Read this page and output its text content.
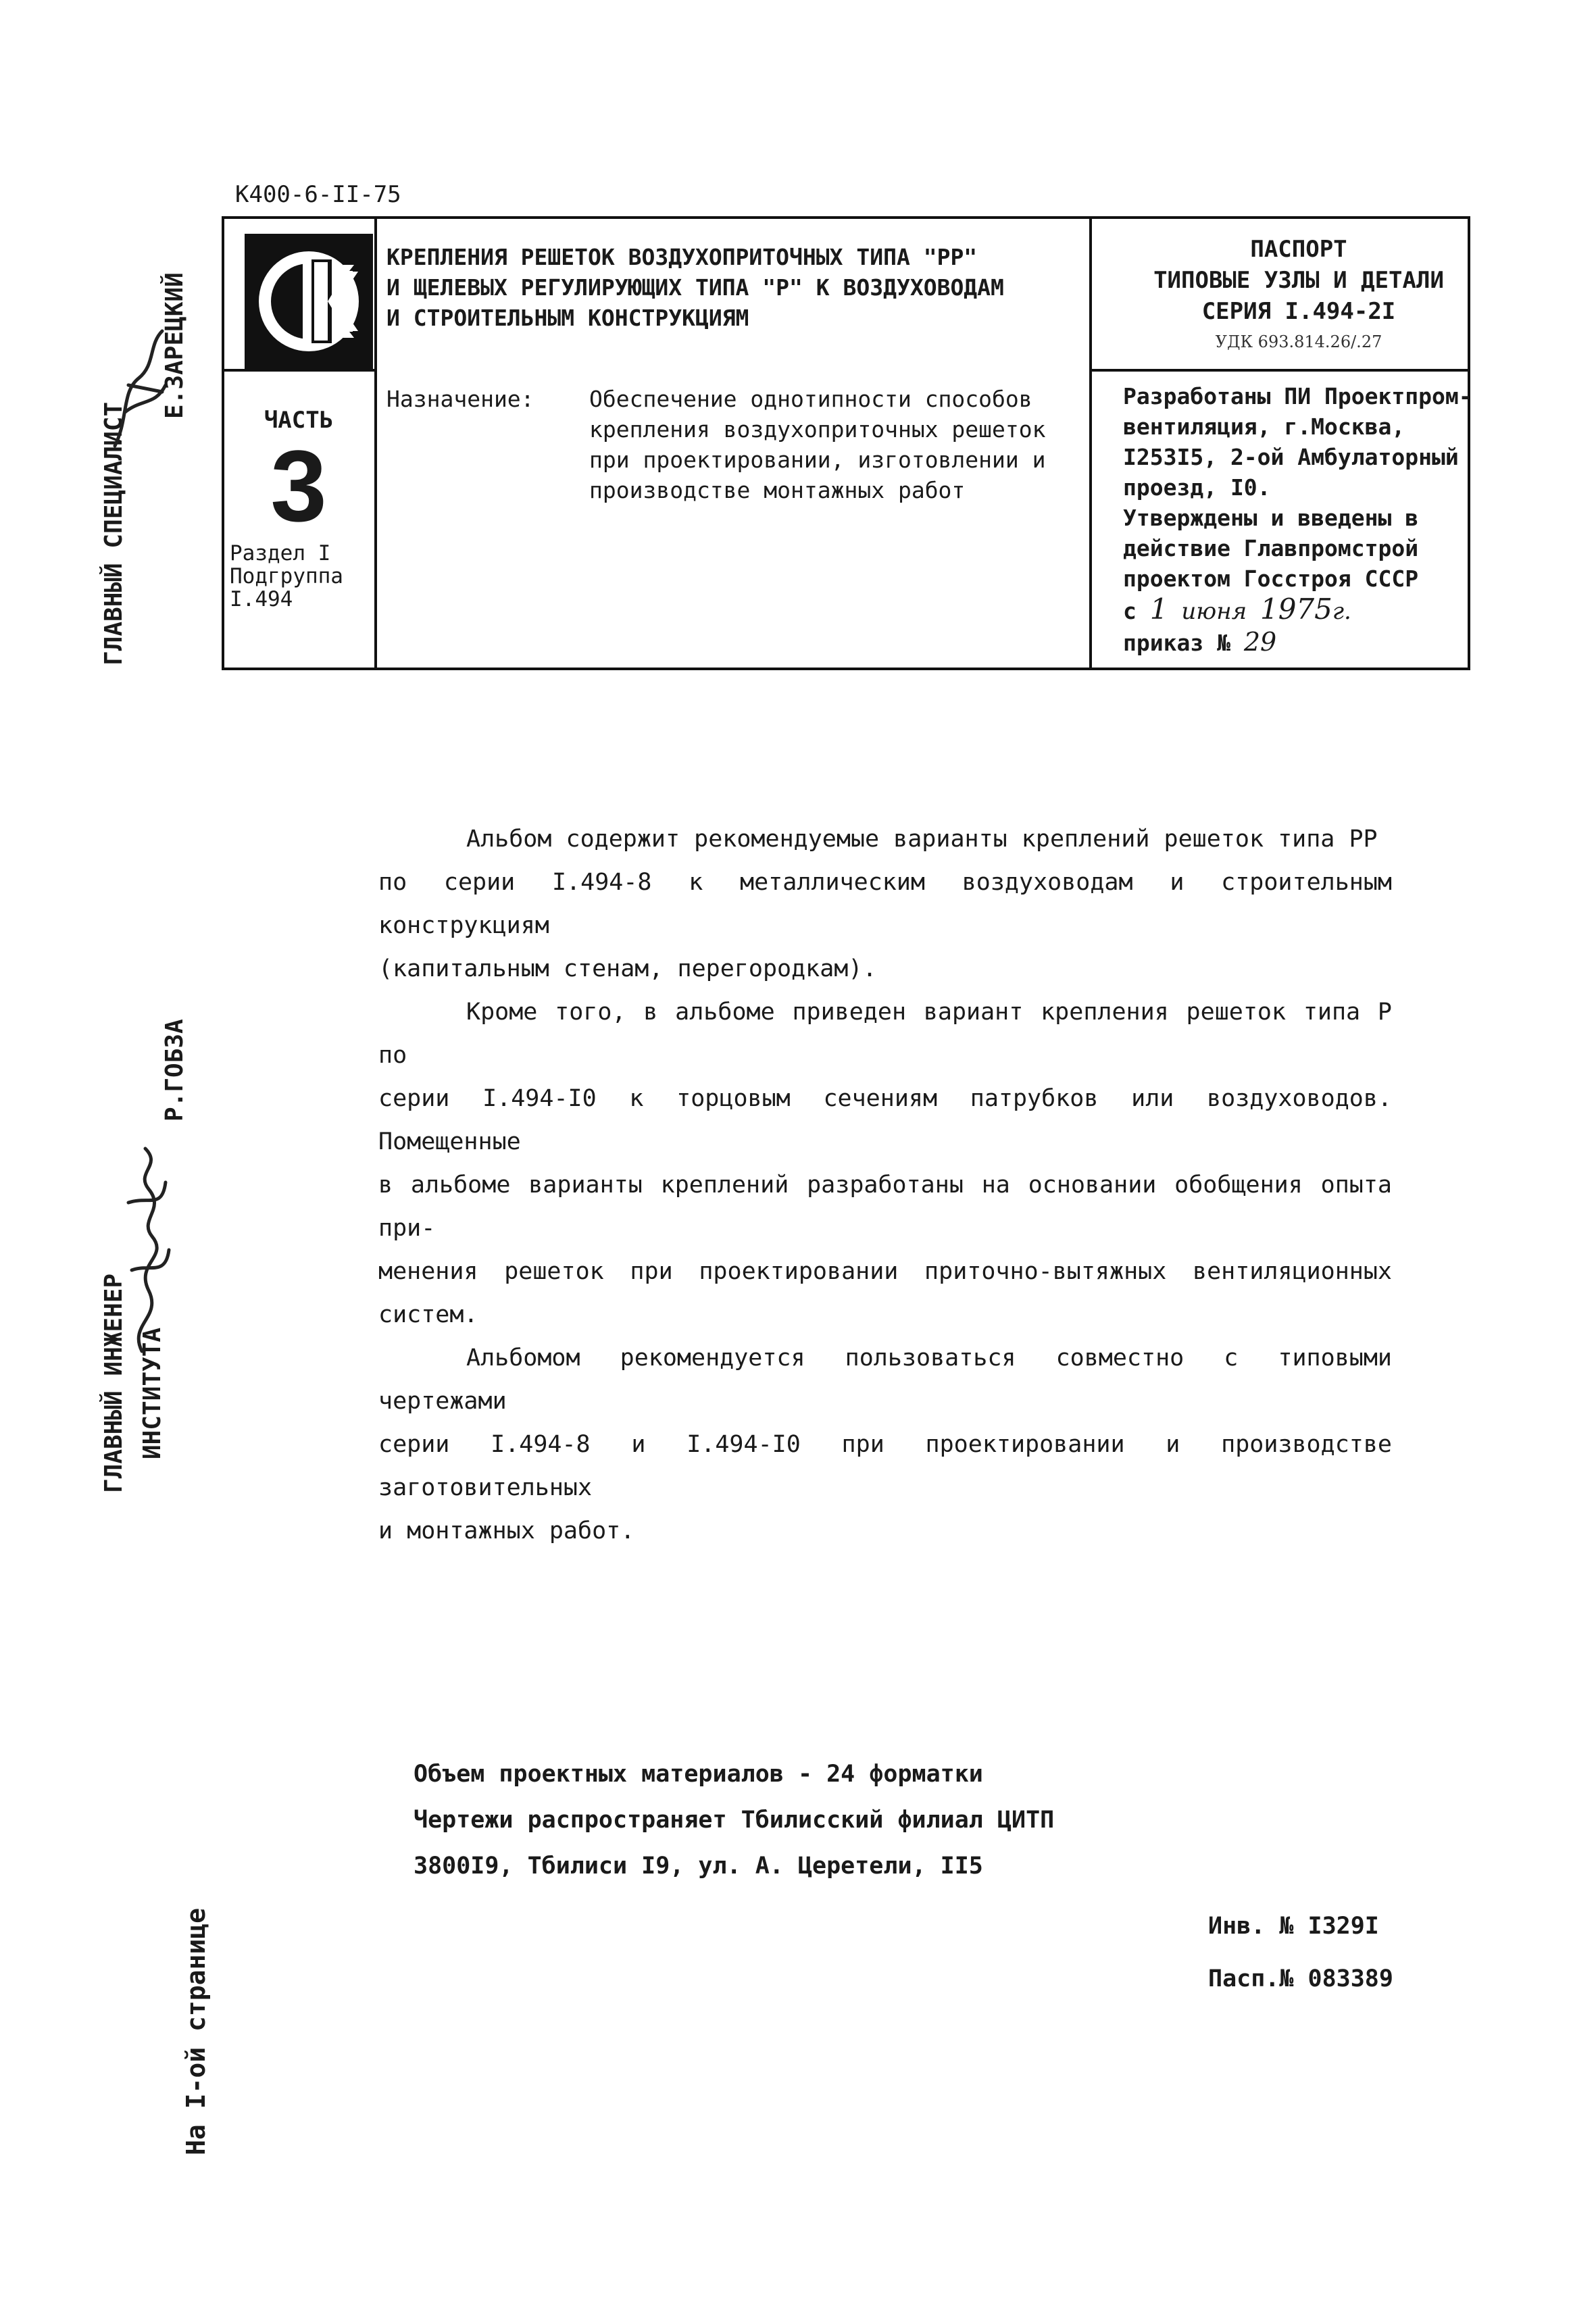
К400-6-II-75
ЧАСТЬ
3
Раздел I
Подгруппа
I.494
КРЕПЛЕНИЯ РЕШЕТОК ВОЗДУХОПРИТОЧНЫХ ТИПА "РР"
И ЩЕЛЕВЫХ РЕГУЛИРУЮЩИХ ТИПА "Р" К ВОЗДУХОВОДАМ
И СТРОИТЕЛЬНЫМ КОНСТРУКЦИЯМ
Назначение: Обеспечение однотипности способов
крепления воздухоприточных решеток
при проектировании, изготовлении и
производстве монтажных работ
ПАСПОРТ
ТИПОВЫЕ УЗЛЫ И ДЕТАЛИ
СЕРИЯ I.494-2I
УДК 693.814.26/.27
Разработаны ПИ Проектпром-
вентиляция, г.Москва,
I253I5, 2-ой Амбулаторный
проезд, I0.
Утверждены и введены в
действие Главпромстрой
проектом Госстроя СССР
с 1 июня 1975г.
приказ № 29

Альбом содержит рекомендуемые варианты креплений решеток типа РР

по серии I.494-8 к металлическим воздуховодам и строительным конструкциям
(капитальным стенам, перегородкам).

Кроме того, в альбоме приведен вариант крепления решеток типа Р по

серии I.494-I0 к торцовым сечениям патрубков или воздуховодов. Помещенные
в альбоме варианты креплений разработаны на основании обобщения опыта при-
менения решеток при проектировании приточно-вытяжных вентиляционных систем.

Альбомом рекомендуется пользоваться совместно с типовыми чертежами

серии I.494-8 и I.494-I0 при проектировании и производстве заготовительных
и монтажных работ.

Объем проектных материалов - 24 форматки
Чертежи распространяет Тбилисский филиал ЦИТП
3800I9, Тбилиси I9, ул. А. Церетели, II5
Инв. № I329I
Пасп.№ 083389
ГЛАВНЫЙ СПЕЦИАЛИСТ
Е.ЗАРЕЦКИЙ
ГЛАВНЫЙ ИНЖЕНЕР ИНСТИТУТА
Р.ГОБЗА
На I-ой странице
